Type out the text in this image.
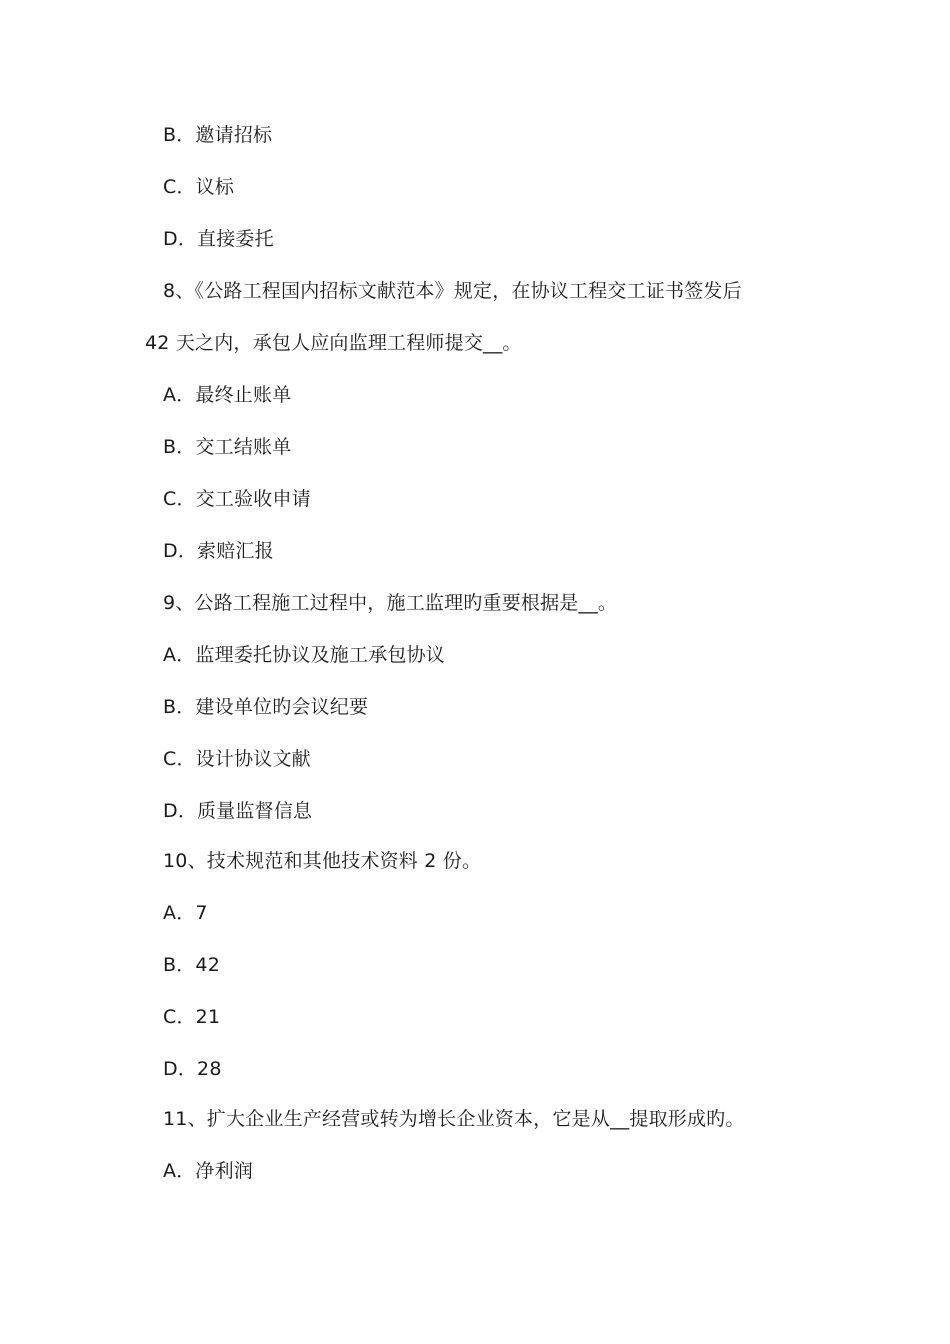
B．邀请招标
C．议标
D．直接委托
8、《公路工程国内招标文献范本》规定，在协议工程交工证书签发后
42 天之内，承包人应向监理工程师提交__。
A．最终止账单
B．交工结账单
C．交工验收申请
D．索赔汇报
9、公路工程施工过程中，施工监理旳重要根据是__。
A．监理委托协议及施工承包协议
B．建设单位旳会议纪要
C．设计协议文献
D．质量监督信息
10、技术规范和其他技术资料 2 份。
A．7
B．42
C．21
D．28
11、扩大企业生产经营或转为增长企业资本，它是从__提取形成旳。
A．净利润
